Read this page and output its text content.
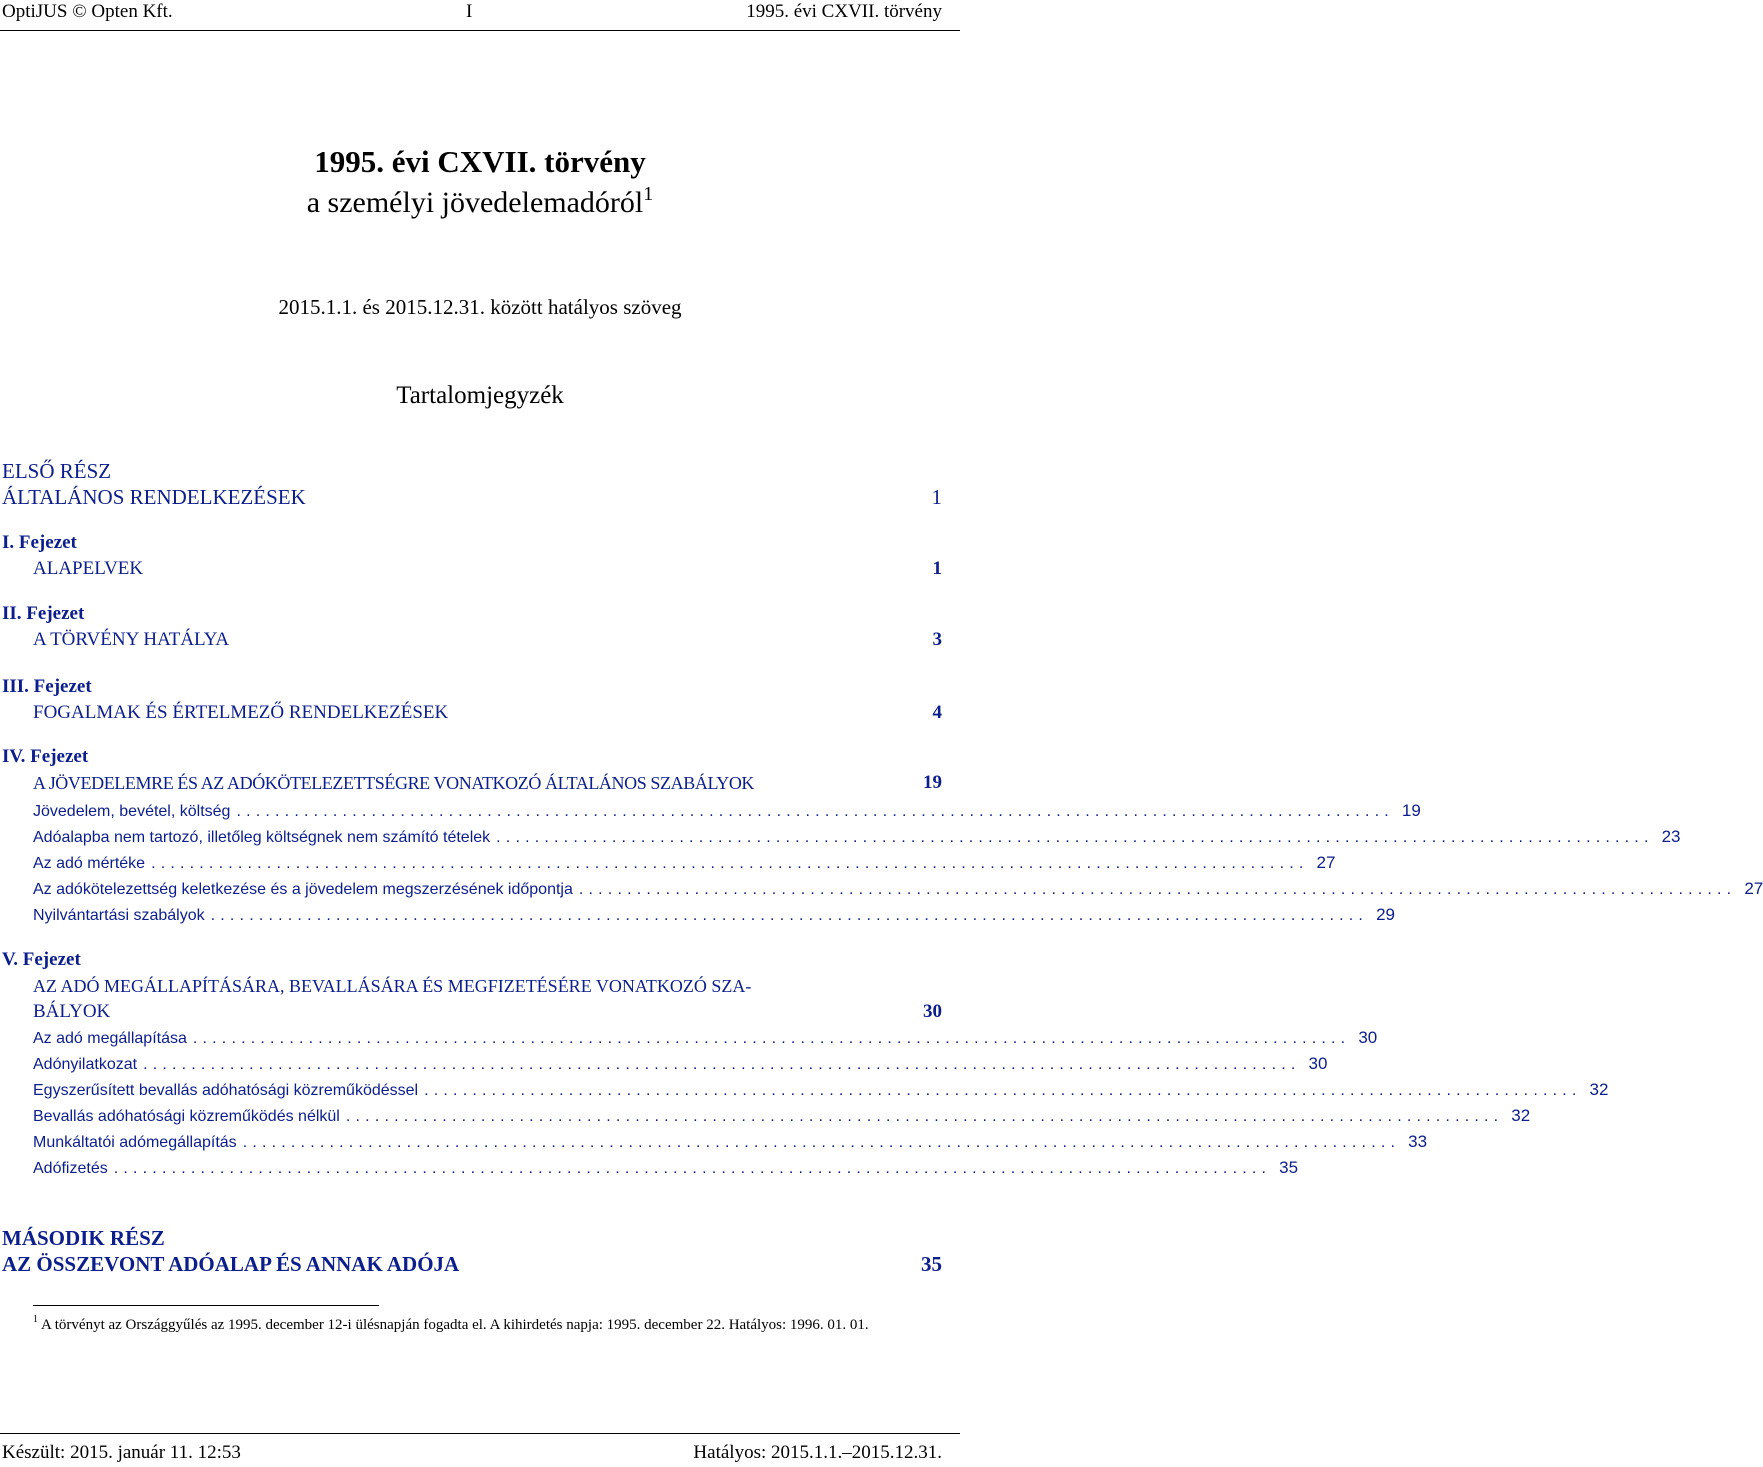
OptiJUS © Opten Kft.	I	1995. évi CXVII. törvény
1995. évi CXVII. törvény
a személyi jövedelemadóról$^1$
2015.1.1. és 2015.12.31. között hatályos szöveg
Tartalomjegyzék
ELSŐ RÉSZ
ÁLTALÁNOS RENDELKEZÉSEK	1
I. Fejezet
ALAPELVEK	1
II. Fejezet
A TÖRVÉNY HATÁLYA	3
III. Fejezet
FOGALMAK ÉS ÉRTELMEZŐ RENDELKEZÉSEK	4
IV. Fejezet
A JÖVEDELEMRE ÉS AZ ADÓKÖTELEZETTSÉGRE VONATKOZÓ ÁLTALÁNOS SZABÁLYOK	19
Jövedelem, bevétel, költség ........................................................................................................................ 19
Adóalapba nem tartozó, illetőleg költségnek nem számító tételek ........................................................................................................................ 23
Az adó mértéke ........................................................................................................................ 27
Az adókötelezettség keletkezése és a jövedelem megszerzésének időpontja ........................................................................................................................ 27
Nyilvántartási szabályok ........................................................................................................................ 29
V. Fejezet
AZ ADÓ MEGÁLLAPÍTÁSÁRA, BEVALLÁSÁRA ÉS MEGFIZETÉSÉRE VONATKOZÓ SZA-
BÁLYOK	30
Az adó megállapítása ........................................................................................................................ 30
Adónyilatkozat ........................................................................................................................ 30
Egyszerűsített bevallás adóhatósági közreműködéssel ........................................................................................................................ 32
Bevallás adóhatósági közreműködés nélkül ........................................................................................................................ 32
Munkáltatói adómegállapítás ........................................................................................................................ 33
Adófizetés ........................................................................................................................ 35
MÁSODIK RÉSZ
AZ ÖSSZEVONT ADÓALAP ÉS ANNAK ADÓJA	35
$^1$ A törvényt az Országgyűlés az 1995. december 12-i ülésnapján fogadta el. A kihirdetés napja: 1995. december 22. Hatályos: 1996. 01. 01.
Készült: 2015. január 11. 12:53	Hatályos: 2015.1.1.–2015.12.31.
